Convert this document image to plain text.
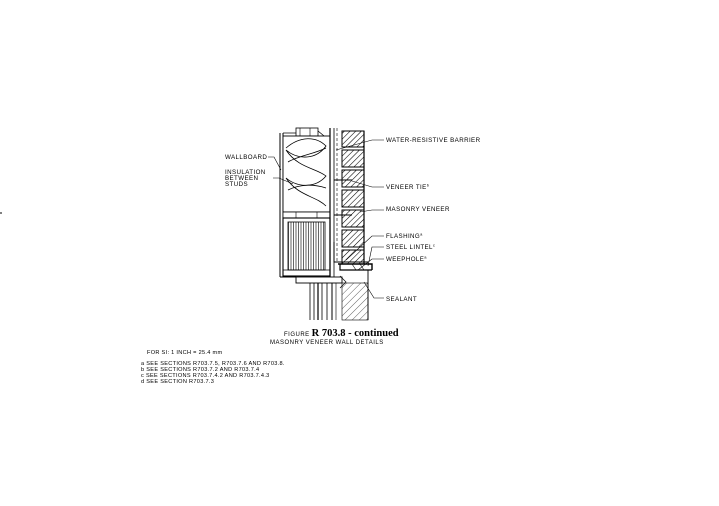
WALLBOARD
INSULATION
BETWEEN
STUDS
WATER-RESISTIVE BARRIER
VENEER TIE$^b$
MASONRY VENEER
FLASHING$^a$
STEEL LINTEL$^c$
WEEPHOLE$^a$
SEALANT
FIGURE R 703.8 - continued
MASONRY VENEER WALL DETAILS
FOR SI: 1 INCH = 25.4 mm
a SEE SECTIONS R703.7.5, R703.7.6 AND R703.8.
b SEE SECTIONS R703.7.2 AND R703.7.4
c SEE SECTIONS R703.7.4.2 AND R703.7.4.3
d SEE SECTION R703.7.3
